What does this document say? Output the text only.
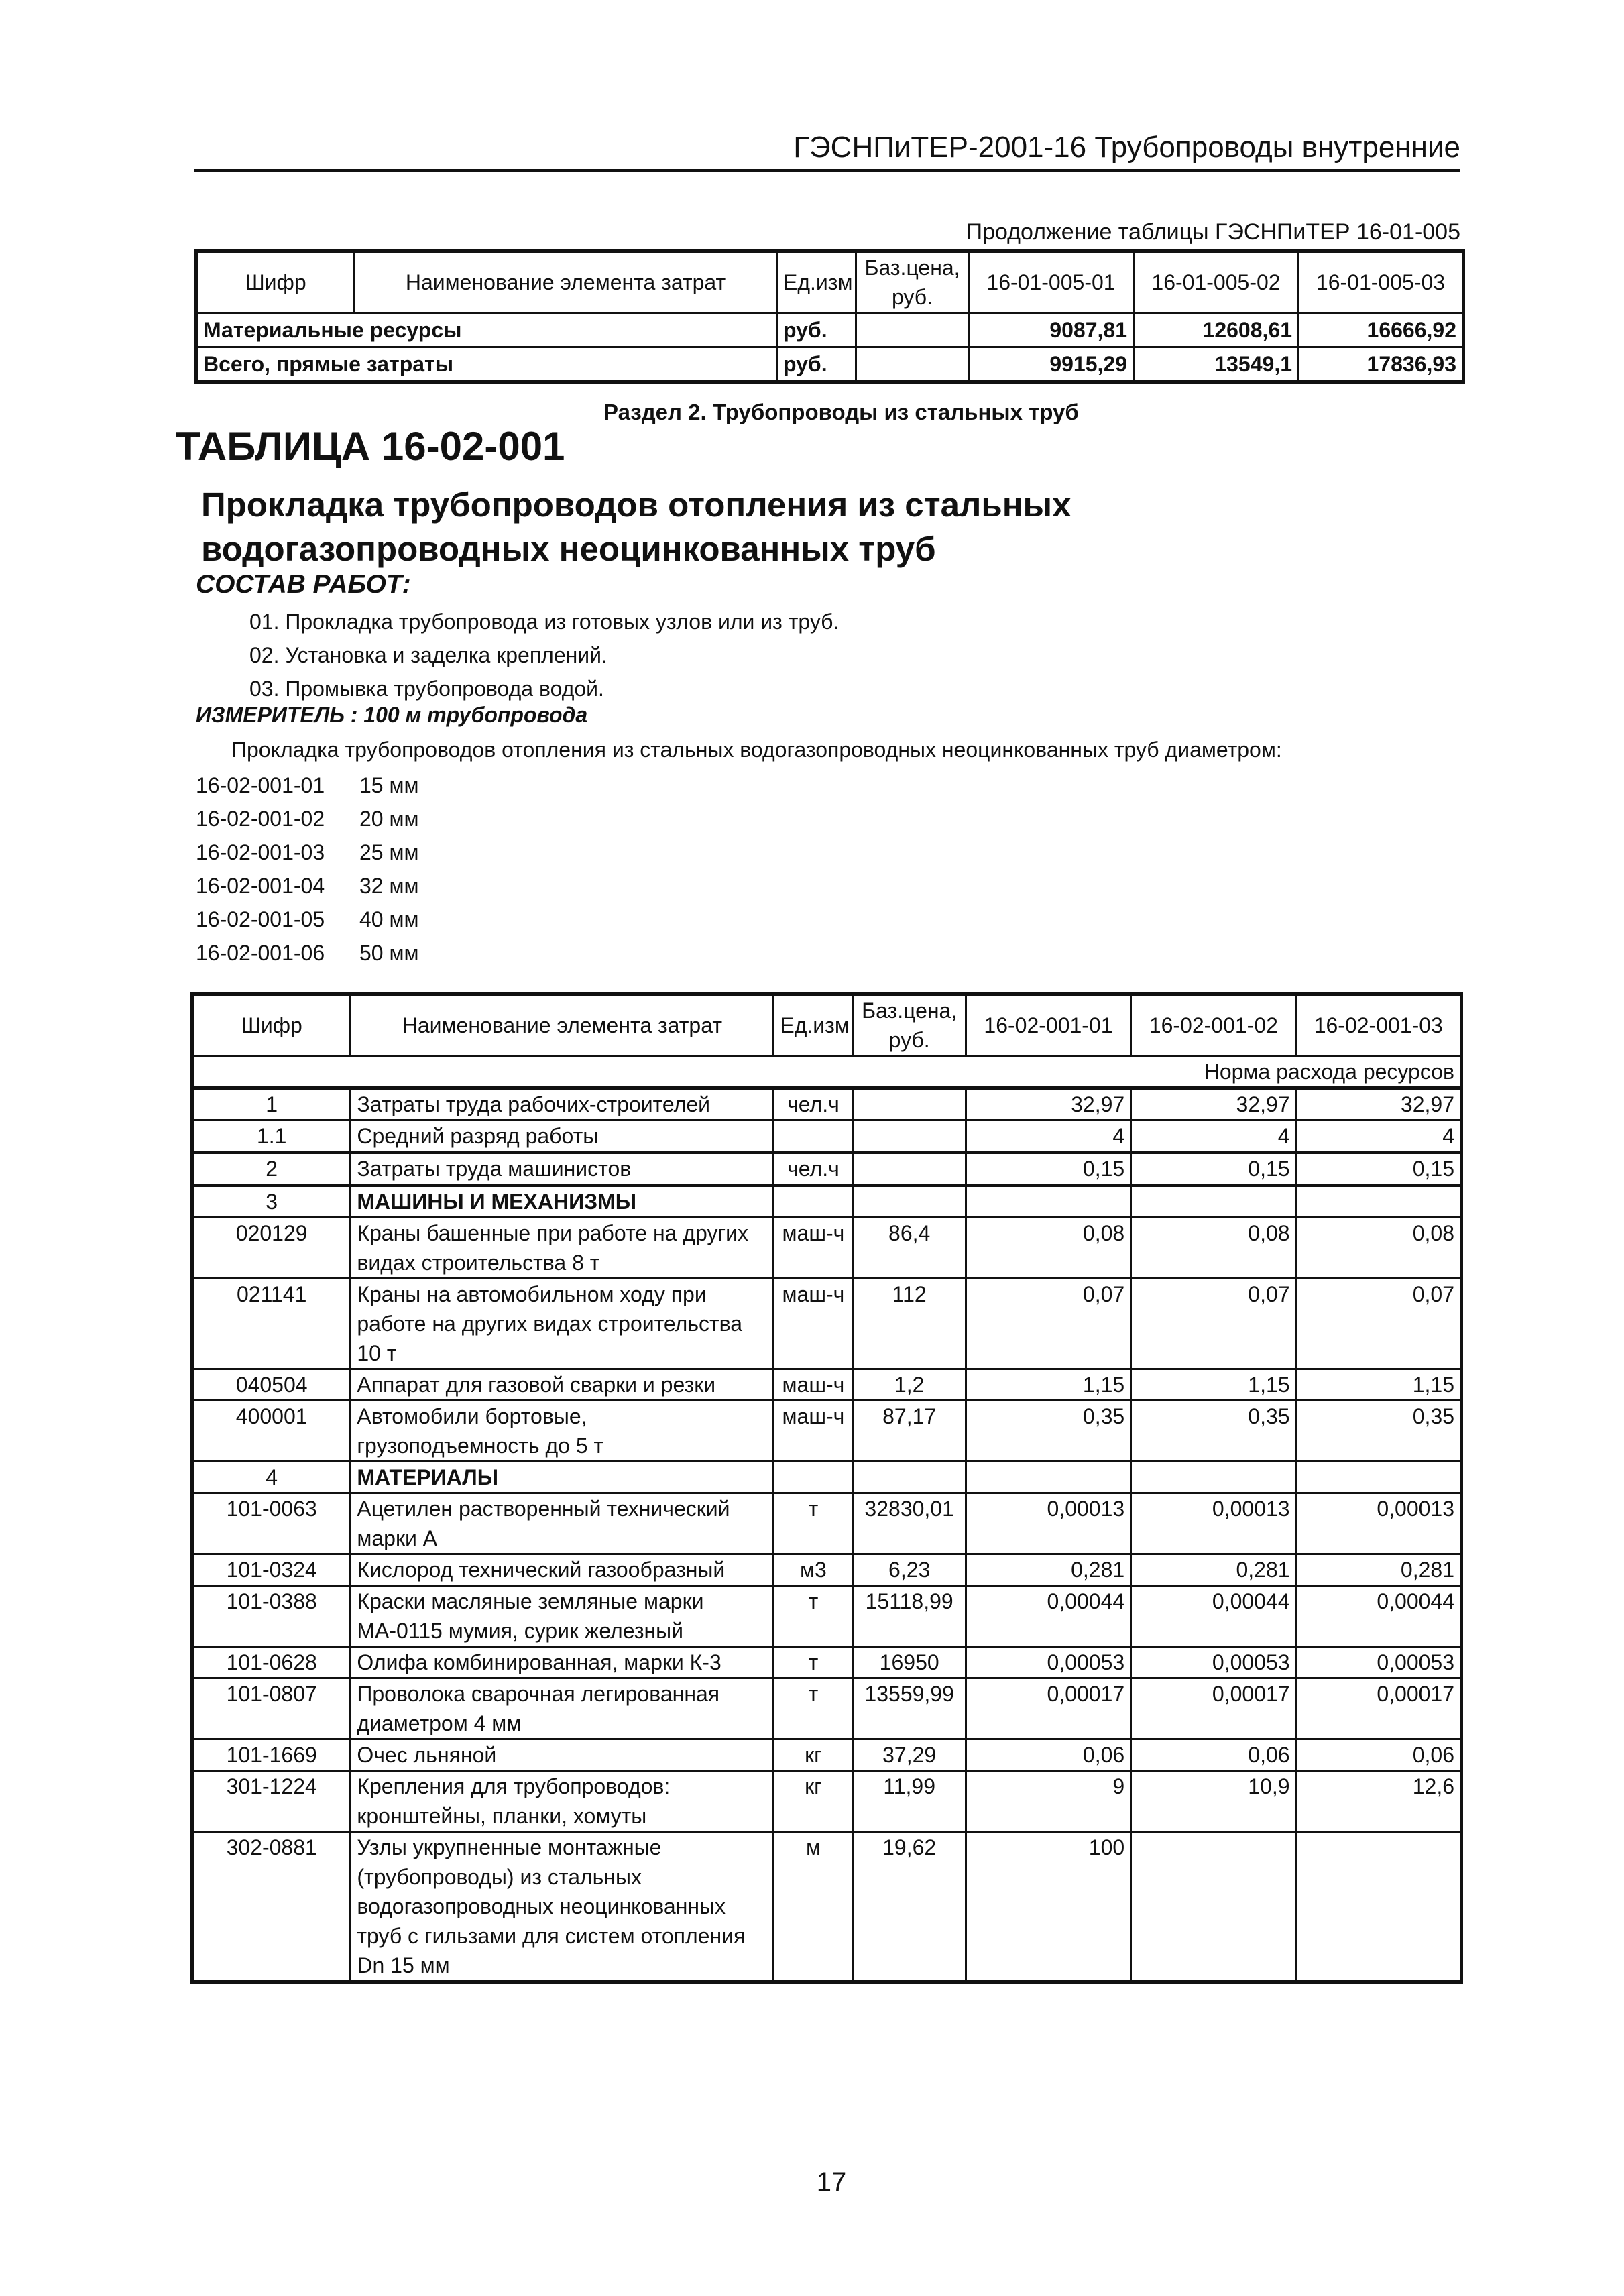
ГЭСНПиТЕР-2001-16 Трубопроводы внутренние
Продолжение таблицы ГЭСНПиТЕР 16-01-005
Шифр	Наименование элемента затрат	Ед.изм	Баз.цена, руб.	16-01-005-01	16-01-005-02	16-01-005-03
Материальные ресурсы		руб.		9087,81	12608,61	16666,92
Всего, прямые затраты		руб.		9915,29	13549,1	17836,93
Раздел 2. Трубопроводы из стальных труб
ТАБЛИЦА 16-02-001
Прокладка трубопроводов отопления из стальных водогазопроводных неоцинкованных труб
СОСТАВ РАБОТ:
01. Прокладка трубопровода из готовых узлов или из труб.
02. Установка и заделка креплений.
03. Промывка трубопровода водой.
ИЗМЕРИТЕЛЬ : 100 м трубопровода
Прокладка трубопроводов отопления из стальных водогазопроводных неоцинкованных труб диаметром:
16-02-001-01	15 мм
16-02-001-02	20 мм
16-02-001-03	25 мм
16-02-001-04	32 мм
16-02-001-05	40 мм
16-02-001-06	50 мм
Шифр	Наименование элемента затрат	Ед.изм	Баз.цена, руб.	16-02-001-01	16-02-001-02	16-02-001-03
Норма расхода ресурсов						
1	Затраты труда рабочих-строителей	чел.ч		32,97	32,97	32,97
1.1	Средний разряд работы			4	4	4
2	Затраты труда машинистов	чел.ч		0,15	0,15	0,15
3	МАШИНЫ И МЕХАНИЗМЫ					
020129	Краны башенные при работе на других видах строительства 8 т	маш-ч	86,4	0,08	0,08	0,08
021141	Краны на автомобильном ходу при работе на других видах строительства 10 т	маш-ч	112	0,07	0,07	0,07
040504	Аппарат для газовой сварки и резки	маш-ч	1,2	1,15	1,15	1,15
400001	Автомобили бортовые, грузоподъемность до 5 т	маш-ч	87,17	0,35	0,35	0,35
4	МАТЕРИАЛЫ					
101-0063	Ацетилен растворенный технический марки А	т	32830,01	0,00013	0,00013	0,00013
101-0324	Кислород технический газообразный	м3	6,23	0,281	0,281	0,281
101-0388	Краски масляные земляные марки МА-0115 мумия, сурик железный	т	15118,99	0,00044	0,00044	0,00044
101-0628	Олифа комбинированная, марки К-3	т	16950	0,00053	0,00053	0,00053
101-0807	Проволока сварочная легированная диаметром 4 мм	т	13559,99	0,00017	0,00017	0,00017
101-1669	Очес льняной	кг	37,29	0,06	0,06	0,06
301-1224	Крепления для трубопроводов: кронштейны, планки, хомуты	кг	11,99	9	10,9	12,6
302-0881	Узлы укрупненные монтажные (трубопроводы) из стальных водогазопроводных неоцинкованных труб с гильзами для систем отопления Dn 15 мм	м	19,62	100		
17
